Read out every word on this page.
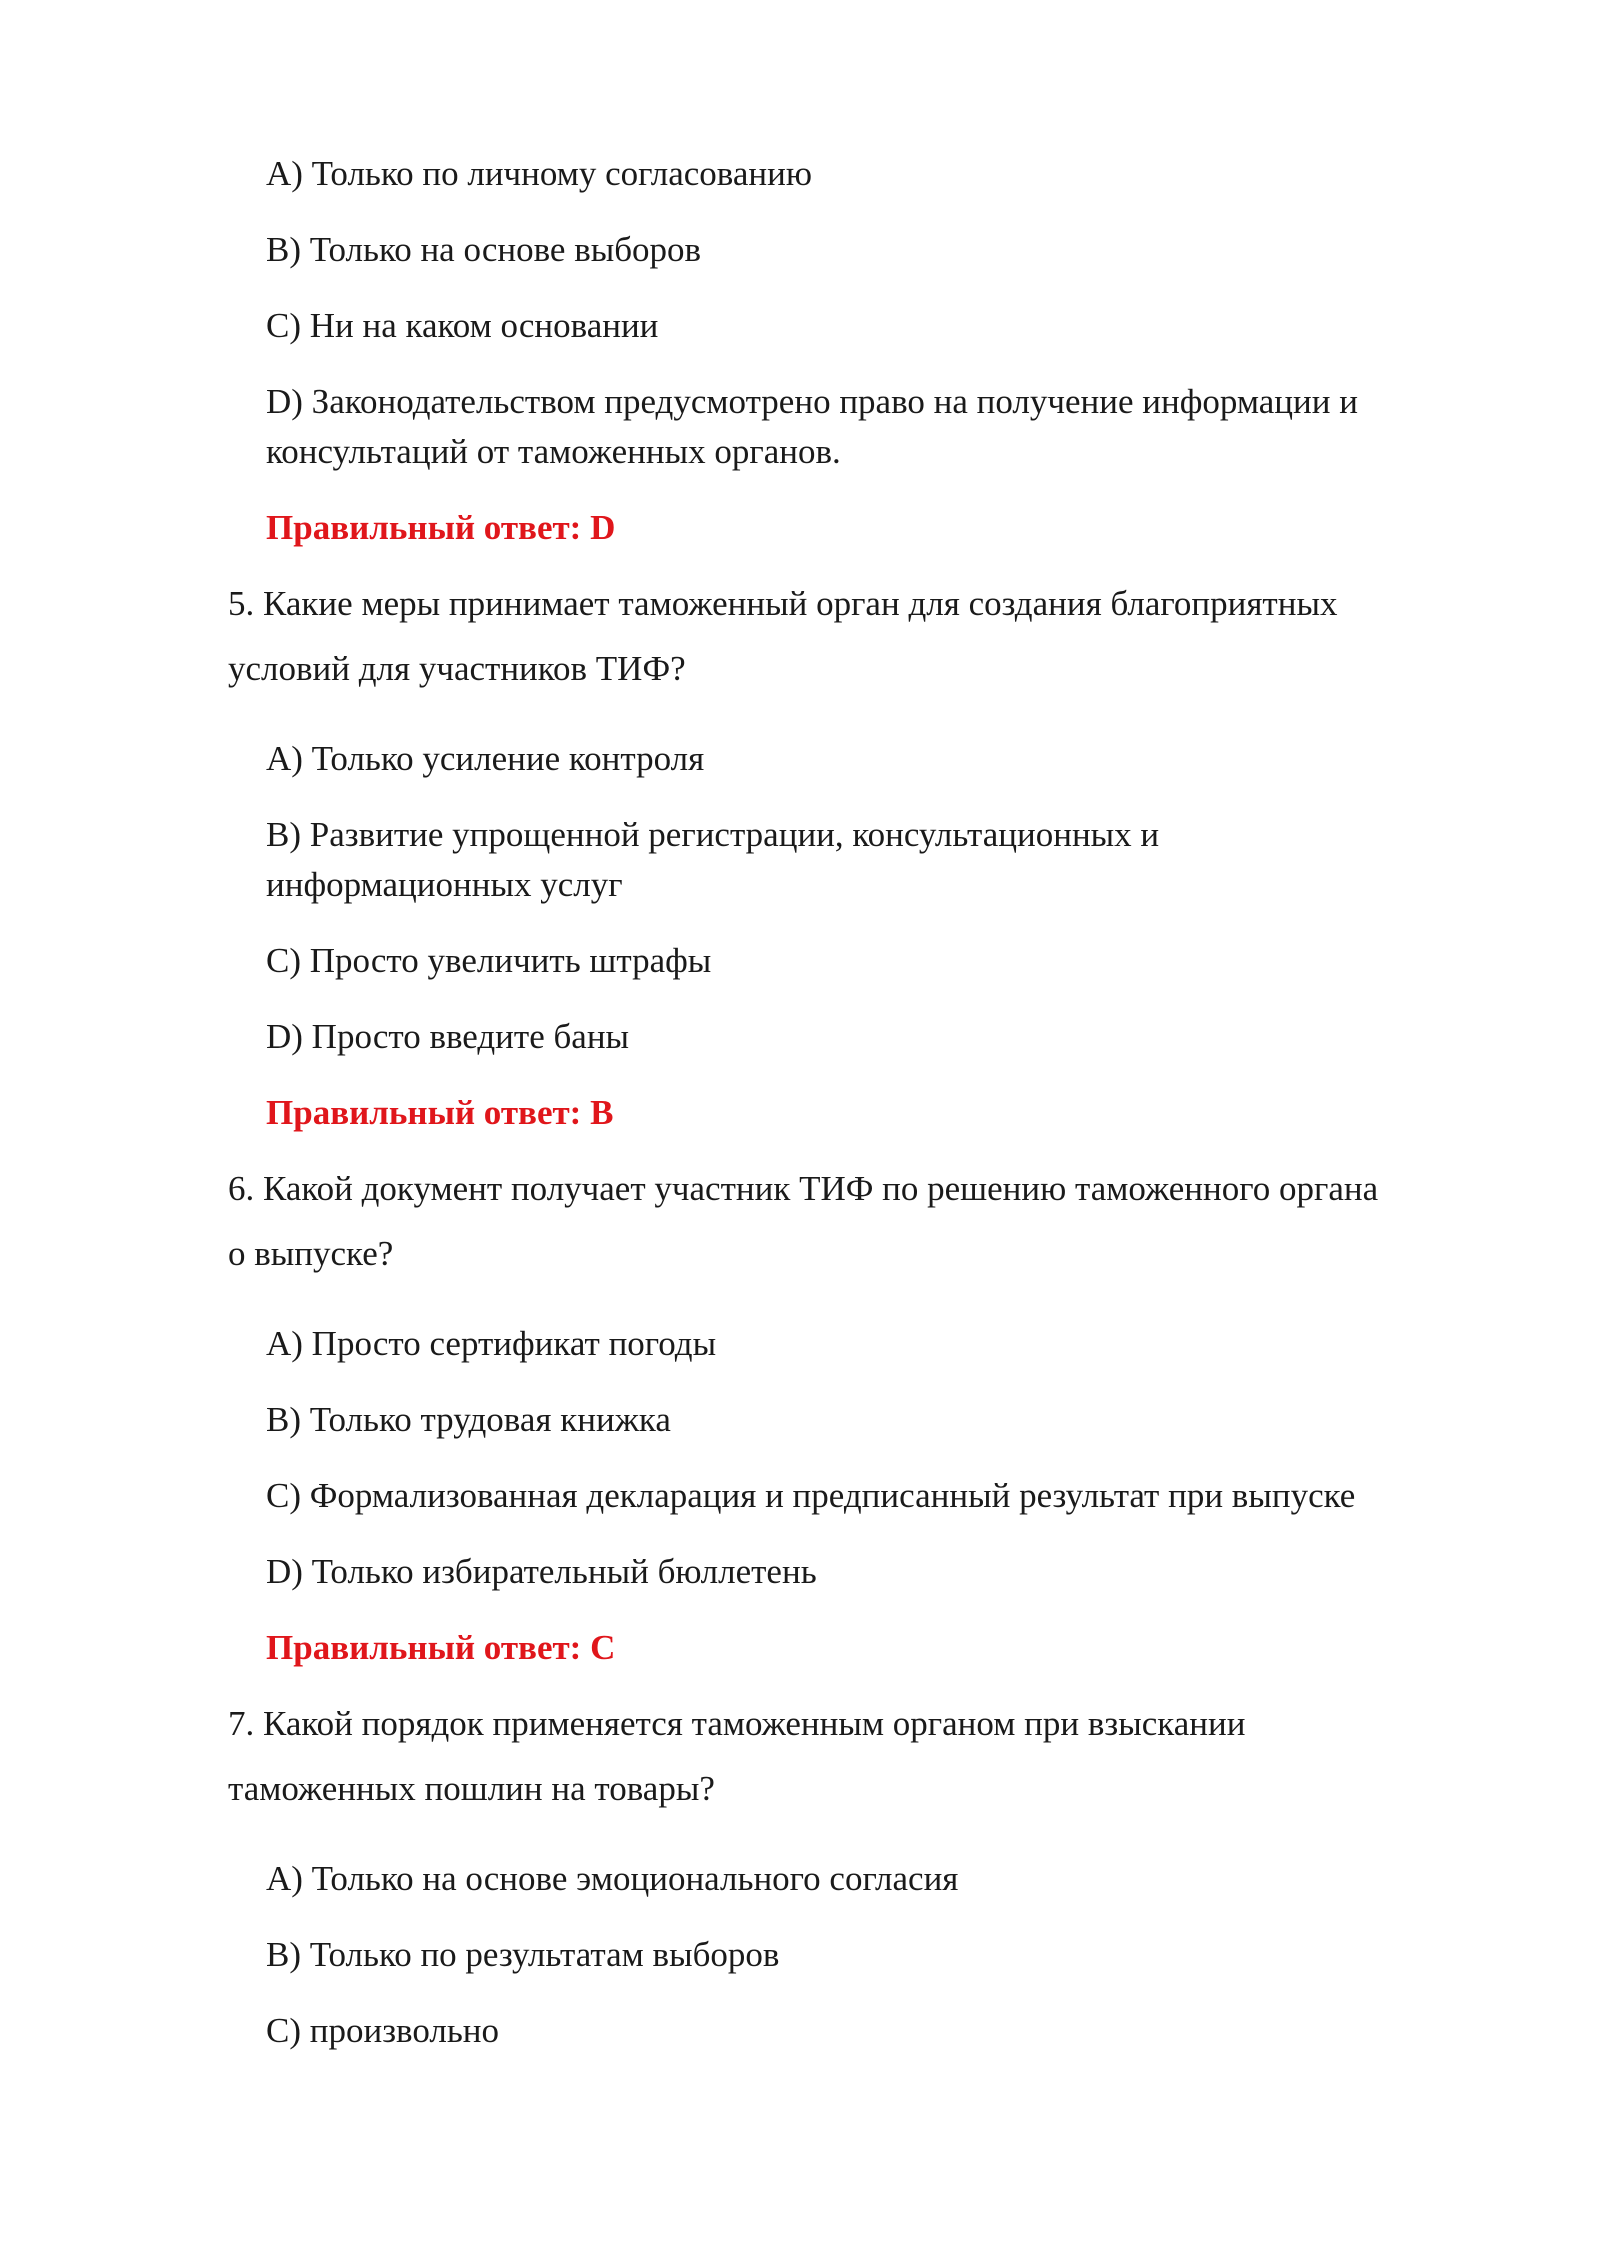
А) Только по личному согласованию
B) Только на основе выборов
C) Ни на каком основании
D) Законодательством предусмотрено право на получение информации и
консультаций от таможенных органов.
Правильный ответ: D
5. Какие меры принимает таможенный орган для создания благоприятных
условий для участников ТИФ?
А) Только усиление контроля
B) Развитие упрощенной регистрации, консультационных и
информационных услуг
C) Просто увеличить штрафы
D) Просто введите баны
Правильный ответ: B
6. Какой документ получает участник ТИФ по решению таможенного органа
о выпуске?
А) Просто сертификат погоды
B) Только трудовая книжка
C) Формализованная декларация и предписанный результат при выпуске
D) Только избирательный бюллетень
Правильный ответ: C
7. Какой порядок применяется таможенным органом при взыскании
таможенных пошлин на товары?
А) Только на основе эмоционального согласия
B) Только по результатам выборов
C) произвольно
